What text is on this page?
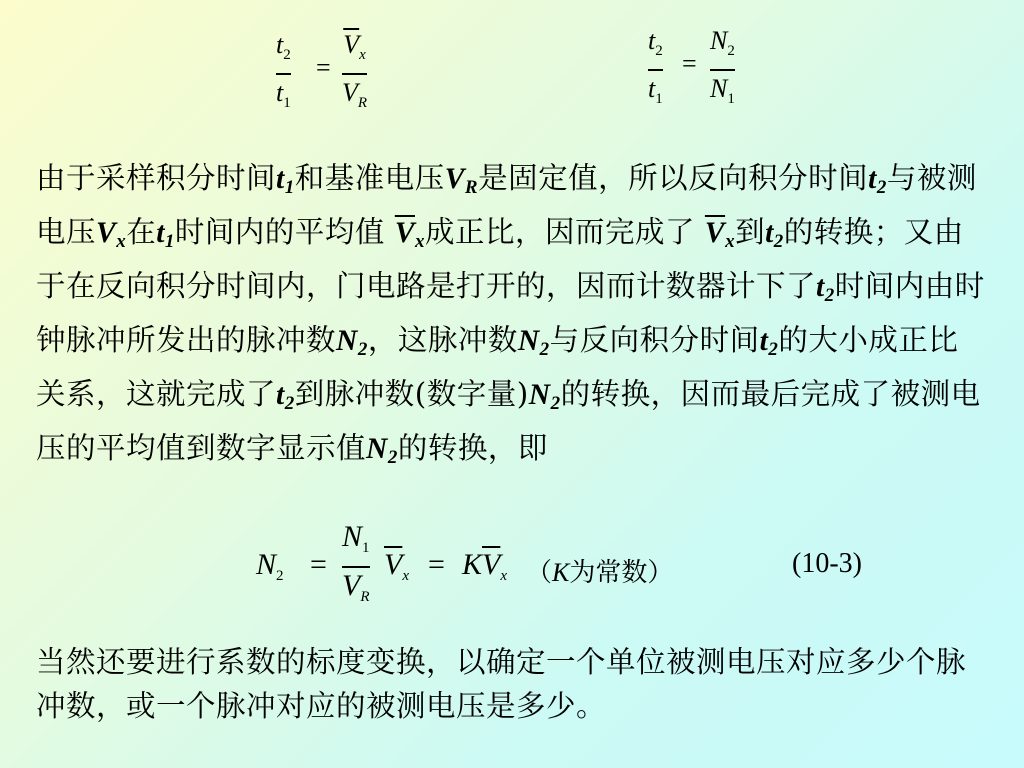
$t_2$
$t_1$
=
$\overline{V}_x$
$V_R$
$t_2$
$t_1$
=
$N_2$
$N_1$
由于采样积分时间t1和基准电压VR是固定值，所以反向积分时间t2与被测电压Vx在t1时间内的平均值 $\overline{V}x$成正比，因而完成了 $\overline{V}x$到t2的转换；又由于在反向积分时间内，门电路是打开的，因而计数器计下了t2时间内由时钟脉冲所发出的脉冲数N2，这脉冲数N2与反向积分时间t2的大小成正比关系，这就完成了t2到脉冲数(数字量)N2的转换，因而最后完成了被测电压的平均值到数字显示值N2的转换，即
$N_2$ =
$N_1$
$V_R$
$\overline{V}_x = K\overline{V}_x$ （K为常数）	(10-3)
当然还要进行系数的标度变换，以确定一个单位被测电压对应多少个脉冲数，或一个脉冲对应的被测电压是多少。
